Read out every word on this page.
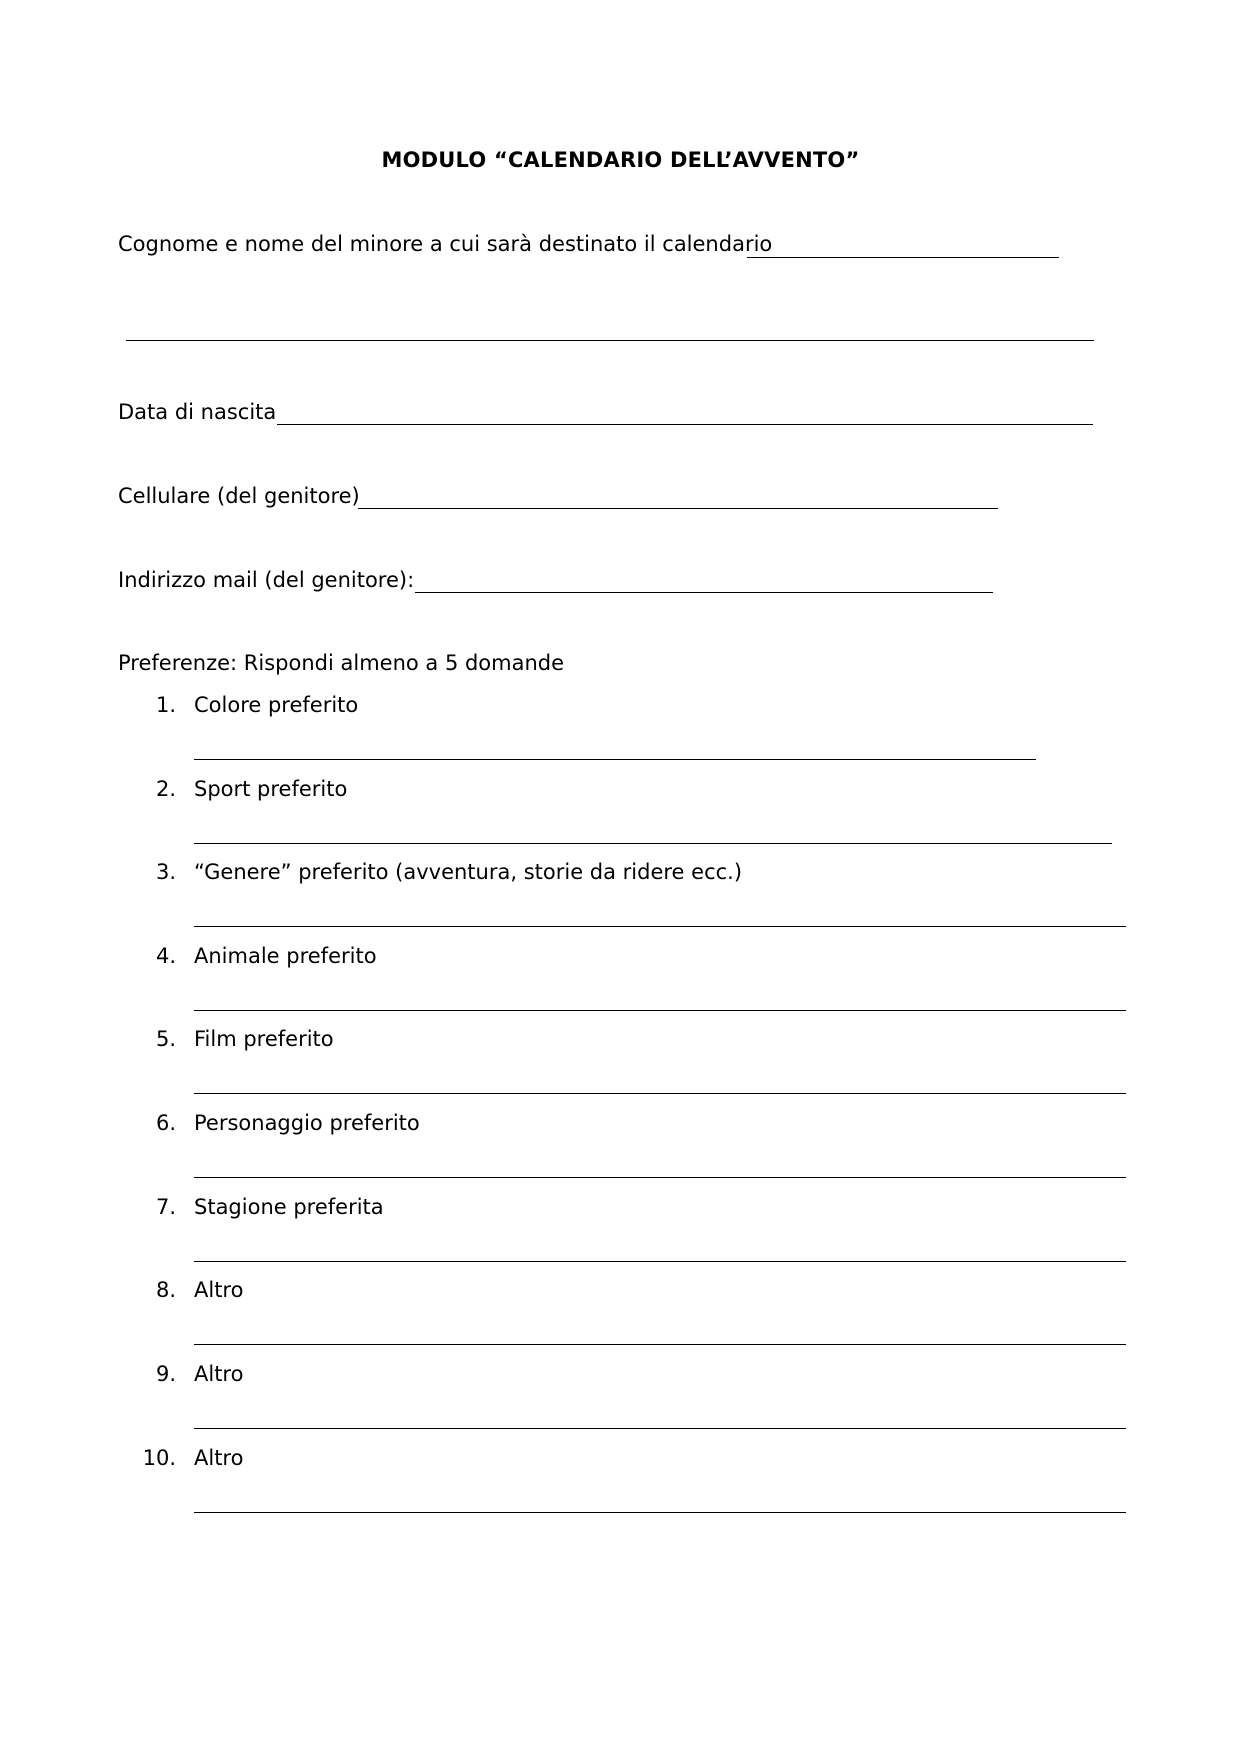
MODULO “CALENDARIO DELL’AVVENTO”
Cognome e nome del minore a cui sarà destinato il calendario
Data di nascita
Cellulare (del genitore)
Indirizzo mail (del genitore):
Preferenze: Rispondi almeno a 5 domande
1. Colore preferito
2. Sport preferito
3. “Genere” preferito (avventura, storie da ridere ecc.)
4. Animale preferito
5. Film preferito
6. Personaggio preferito
7. Stagione preferita
8. Altro
9. Altro
10. Altro
